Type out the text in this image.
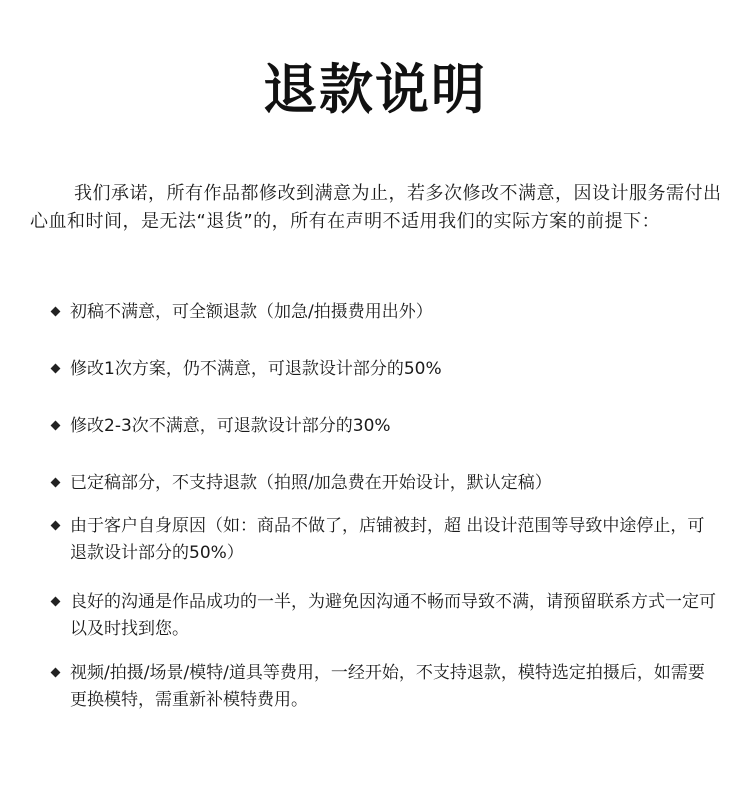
退款说明

我们承诺，所有作品都修改到满意为止，若多次修改不满意，因设计服务需付出心血和时间，是无法“退货”的，所有在声明不适用我们的实际方案的前提下：

初稿不满意，可全额退款（加急/拍摄费用出外）
修改1次方案，仍不满意，可退款设计部分的50%
修改2-3次不满意，可退款设计部分的30%
已定稿部分，不支持退款（拍照/加急费在开始设计，默认定稿）
由于客户自身原因（如：商品不做了，店铺被封，超 出设计范围等导致中途停止，可退款设计部分的50%）
良好的沟通是作品成功的一半，为避免因沟通不畅而导致不满，请预留联系方式一定可以及时找到您。
视频/拍摄/场景/模特/道具等费用，一经开始，不支持退款，模特选定拍摄后，如需要更换模特，需重新补模特费用。
